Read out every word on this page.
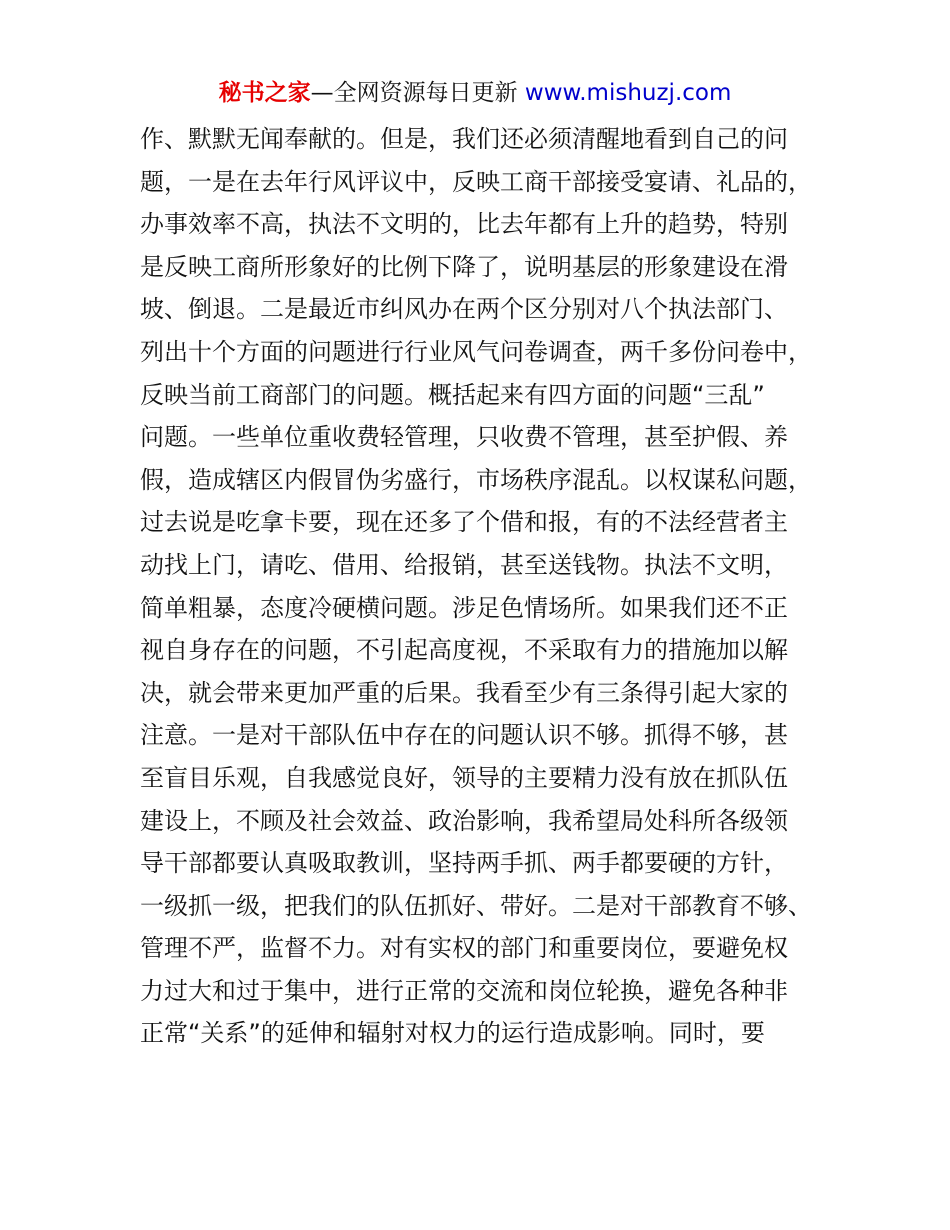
秘书之家—全网资源每日更新 www.mishuzj.com
作、默默无闻奉献的。但是，我们还必须清醒地看到自己的问
题，一是在去年行风评议中，反映工商干部接受宴请、礼品的，
办事效率不高，执法不文明的，比去年都有上升的趋势，特别
是反映工商所形象好的比例下降了，说明基层的形象建设在滑
坡、倒退。二是最近市纠风办在两个区分别对八个执法部门、
列出十个方面的问题进行行业风气问卷调查，两千多份问卷中，
反映当前工商部门的问题。概括起来有四方面的问题“三乱”
问题。一些单位重收费轻管理，只收费不管理，甚至护假、养
假，造成辖区内假冒伪劣盛行，市场秩序混乱。以权谋私问题，
过去说是吃拿卡要，现在还多了个借和报，有的不法经营者主
动找上门，请吃、借用、给报销，甚至送钱物。执法不文明，
简单粗暴，态度冷硬横问题。涉足色情场所。如果我们还不正
视自身存在的问题，不引起高度视，不采取有力的措施加以解
决，就会带来更加严重的后果。我看至少有三条得引起大家的
注意。一是对干部队伍中存在的问题认识不够。抓得不够，甚
至盲目乐观，自我感觉良好，领导的主要精力没有放在抓队伍
建设上，不顾及社会效益、政治影响，我希望局处科所各级领
导干部都要认真吸取教训，坚持两手抓、两手都要硬的方针，
一级抓一级，把我们的队伍抓好、带好。二是对干部教育不够、
管理不严，监督不力。对有实权的部门和重要岗位，要避免权
力过大和过于集中，进行正常的交流和岗位轮换，避免各种非
正常“关系”的延伸和辐射对权力的运行造成影响。同时，要
